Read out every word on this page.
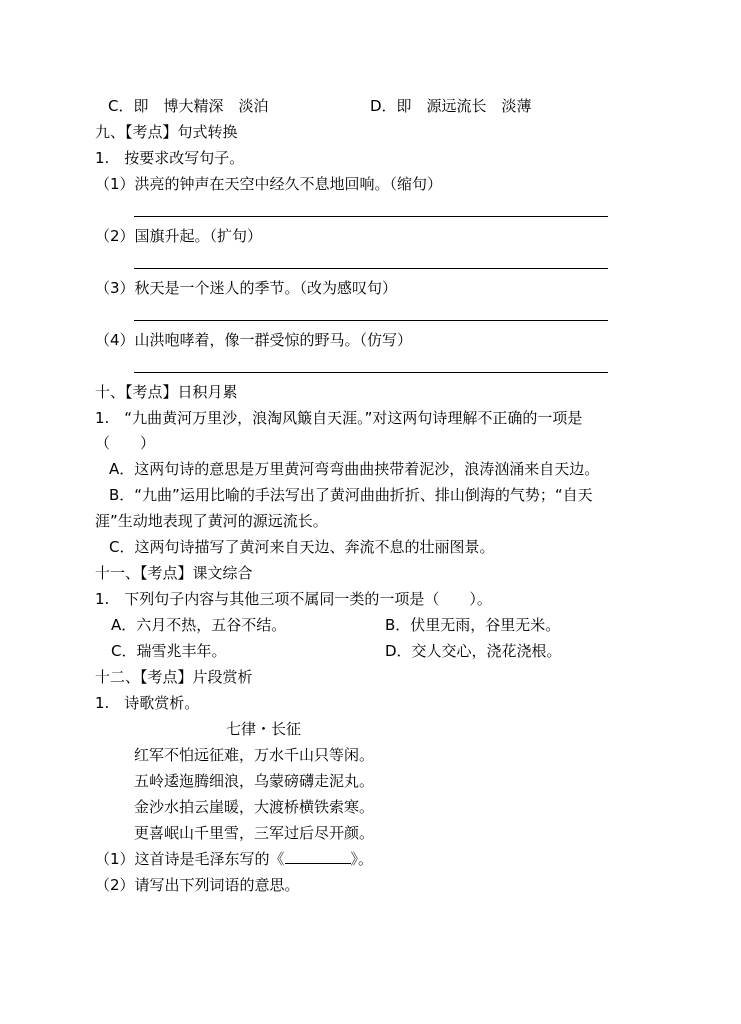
C．即　博大精深　淡泊	D．即　源远流长　淡薄
九、【考点】句式转换
1.　按要求改写句子。
（1）洪亮的钟声在天空中经久不息地回响。（缩句）
（2）国旗升起。（扩句）
（3）秋天是一个迷人的季节。（改为感叹句）
（4）山洪咆哮着，像一群受惊的野马。（仿写）
十、【考点】日积月累
1.　“九曲黄河万里沙，浪淘风簸自天涯。”对这两句诗理解不正确的一项是
（　　）
A．这两句诗的意思是万里黄河弯弯曲曲挟带着泥沙，浪涛汹涌来自天边。
B．“九曲”运用比喻的手法写出了黄河曲曲折折、排山倒海的气势；“自天
涯”生动地表现了黄河的源远流长。
C．这两句诗描写了黄河来自天边、奔流不息的壮丽图景。
十一、【考点】课文综合
1.　下列句子内容与其他三项不属同一类的一项是（　　）。
A．六月不热，五谷不结。	B．伏里无雨，谷里无米。
C．瑞雪兆丰年。	D．交人交心，浇花浇根。
十二、【考点】片段赏析
1.　诗歌赏析。
七律・长征
红军不怕远征难，万水千山只等闲。
五岭逶迤腾细浪，乌蒙磅礴走泥丸。
金沙水拍云崖暖，大渡桥横铁索寒。
更喜岷山千里雪，三军过后尽开颜。
（1）这首诗是毛泽东写的《	》。
（2）请写出下列词语的意思。
